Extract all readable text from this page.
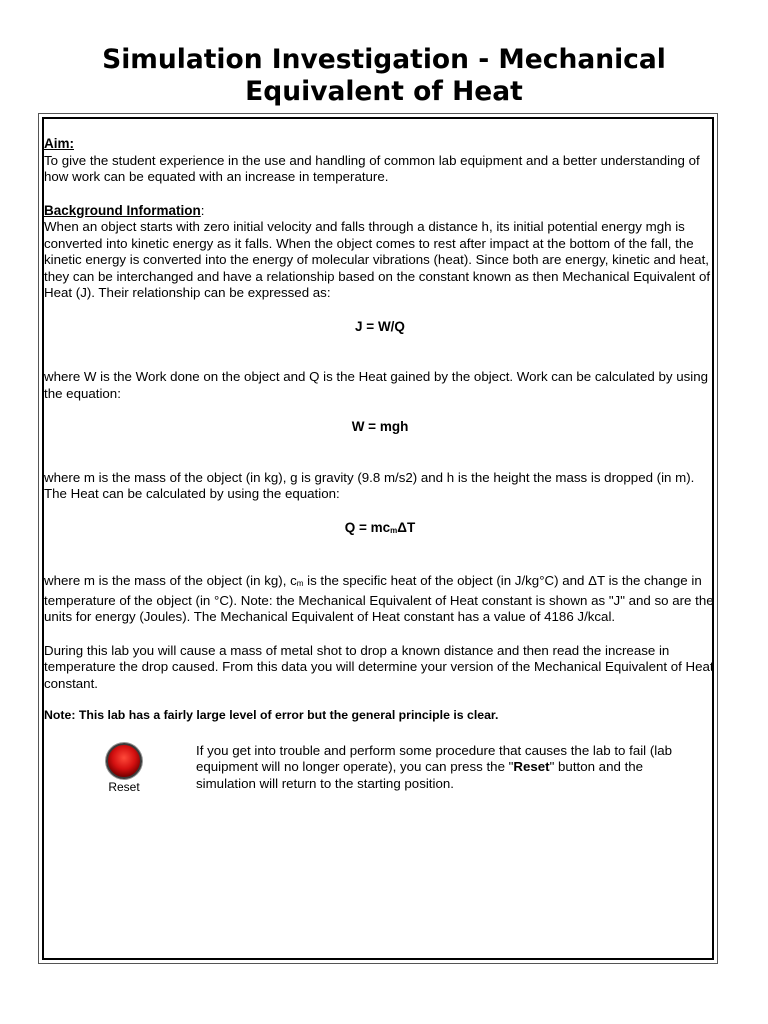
Simulation Investigation - Mechanical Equivalent of Heat

Aim:

To give the student experience in the use and handling of common lab equipment and a better understanding of how work can be equated with an increase in temperature.

Background Information:

When an object starts with zero initial velocity and falls through a distance h, its initial potential energy mgh is converted into kinetic energy as it falls. When the object comes to rest after impact at the bottom of the fall, the kinetic energy is converted into the energy of molecular vibrations (heat). Since both are energy, kinetic and heat, they can be interchanged and have a relationship based on the constant known as then Mechanical Equivalent of Heat (J). Their relationship can be expressed as:

J = W/Q

where W is the Work done on the object and Q is the Heat gained by the object. Work can be calculated by using the equation:

W = mgh

where m is the mass of the object (in kg), g is gravity (9.8 m/s2) and h is the height the mass is dropped (in m). The Heat can be calculated by using the equation:

Q = mcmΔT

where m is the mass of the object (in kg), cm is the specific heat of the object (in J/kg°C) and ΔT is the change in temperature of the object (in °C). Note: the Mechanical Equivalent of Heat constant is shown as "J" and so are the units for energy (Joules). The Mechanical Equivalent of Heat constant has a value of 4186 J/kcal.

During this lab you will cause a mass of metal shot to drop a known distance and then read the increase in temperature the drop caused. From this data you will determine your version of the Mechanical Equivalent of Heat constant.

Note: This lab has a fairly large level of error but the general principle is clear.

Reset

If you get into trouble and perform some procedure that causes the lab to fail (lab equipment will no longer operate), you can press the "Reset" button and the simulation will return to the starting position.
